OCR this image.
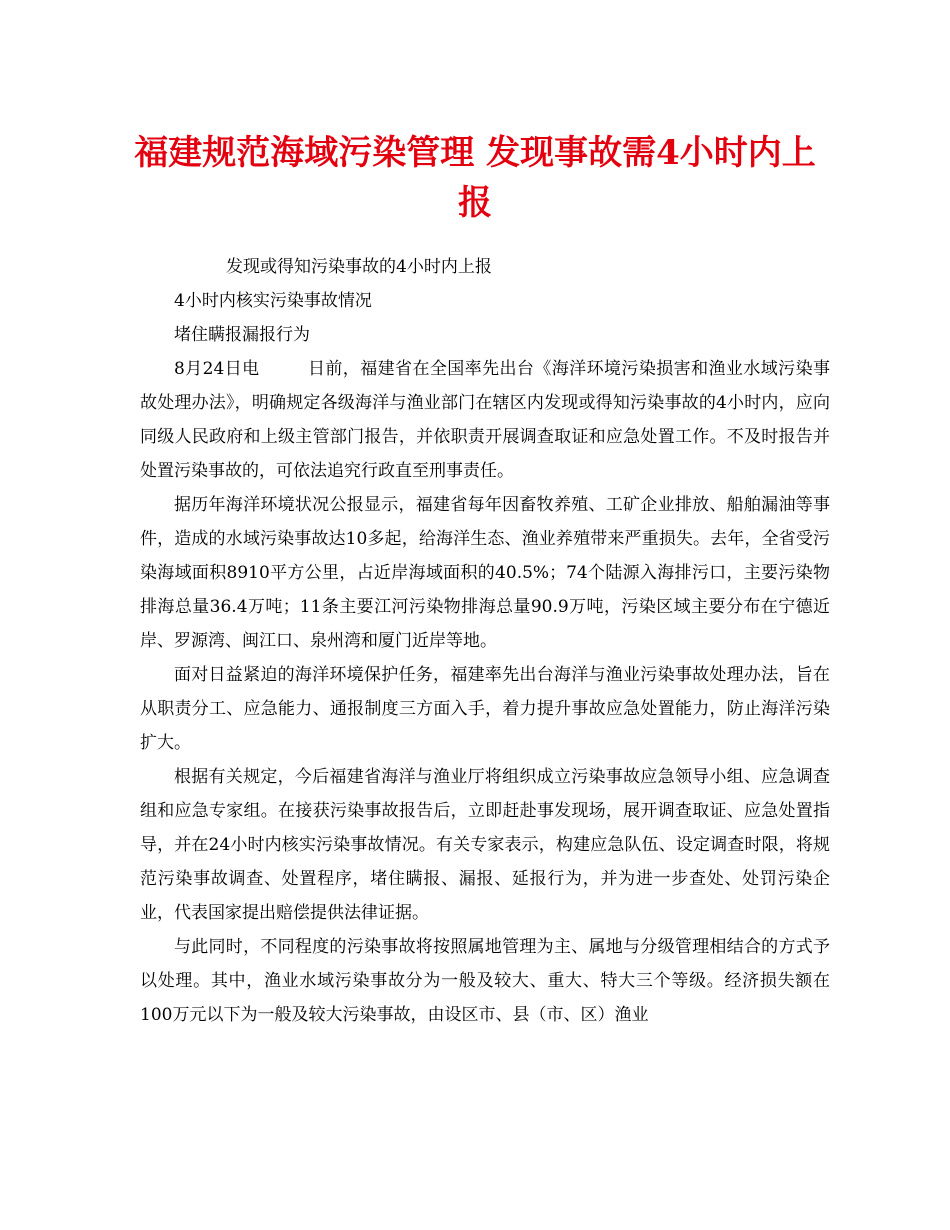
福建规范海域污染管理 发现事故需4小时内上报

发现或得知污染事故的4小时内上报

4小时内核实污染事故情况

堵住瞒报漏报行为

8月24日电	日前，福建省在全国率先出台《海洋环境污染损害和渔业水域污染事故处理办法》，明确规定各级海洋与渔业部门在辖区内发现或得知污染事故的4小时内，应向同级人民政府和上级主管部门报告，并依职责开展调查取证和应急处置工作。不及时报告并处置污染事故的，可依法追究行政直至刑事责任。

据历年海洋环境状况公报显示，福建省每年因畜牧养殖、工矿企业排放、船舶漏油等事件，造成的水域污染事故达10多起，给海洋生态、渔业养殖带来严重损失。去年，全省受污染海域面积8910平方公里，占近岸海域面积的40.5%；74个陆源入海排污口，主要污染物排海总量36.4万吨；11条主要江河污染物排海总量90.9万吨，污染区域主要分布在宁德近岸、罗源湾、闽江口、泉州湾和厦门近岸等地。

面对日益紧迫的海洋环境保护任务，福建率先出台海洋与渔业污染事故处理办法，旨在从职责分工、应急能力、通报制度三方面入手，着力提升事故应急处置能力，防止海洋污染扩大。

根据有关规定，今后福建省海洋与渔业厅将组织成立污染事故应急领导小组、应急调查组和应急专家组。在接获污染事故报告后，立即赶赴事发现场，展开调查取证、应急处置指导，并在24小时内核实污染事故情况。有关专家表示，构建应急队伍、设定调查时限，将规范污染事故调查、处置程序，堵住瞒报、漏报、延报行为，并为进一步查处、处罚污染企业，代表国家提出赔偿提供法律证据。

与此同时，不同程度的污染事故将按照属地管理为主、属地与分级管理相结合的方式予以处理。其中，渔业水域污染事故分为一般及较大、重大、特大三个等级。经济损失额在100万元以下为一般及较大污染事故，由设区市、县（市、区）渔业
